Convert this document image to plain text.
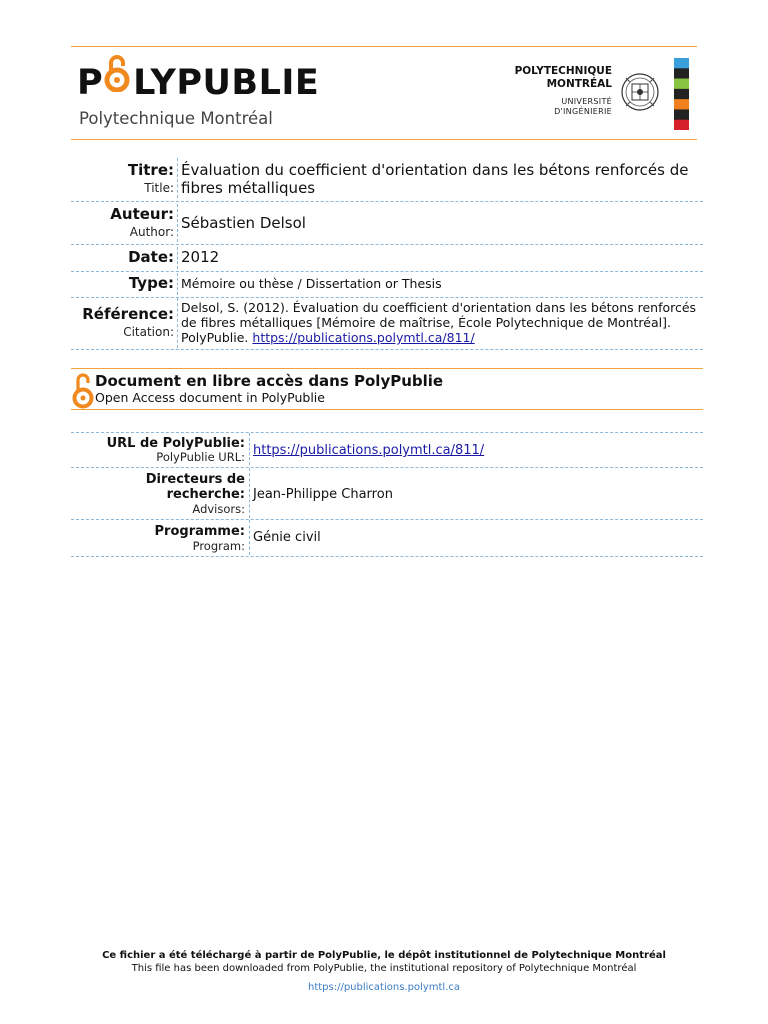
P LYPUBLIE
Polytechnique Montréal
POLYTECHNIQUE
MONTRÉAL
UNIVERSITÉ
D'INGÉNIERIE
Titre:
Title:
Évaluation du coefficient d'orientation dans les bétons renforcés de
fibres métalliques
Auteur:
Author: Sébastien Delsol
Date: 2012
Type: Mémoire ou thèse / Dissertation or Thesis
Référence:
Citation:
Delsol, S. (2012). Évaluation du coefficient d'orientation dans les bétons renforcés
de fibres métalliques [Mémoire de maîtrise, École Polytechnique de Montréal].
PolyPublie. https://publications.polymtl.ca/811/
Document en libre accès dans PolyPublie
Open Access document in PolyPublie
URL de PolyPublie:
PolyPublie URL: https://publications.polymtl.ca/811/
Directeurs de
recherche:
Advisors:
Jean-Philippe Charron
Programme:
Program:
Génie civil
Ce fichier a été téléchargé à partir de PolyPublie, le dépôt institutionnel de Polytechnique Montréal
This file has been downloaded from PolyPublie, the institutional repository of Polytechnique Montréal
https://publications.polymtl.ca
